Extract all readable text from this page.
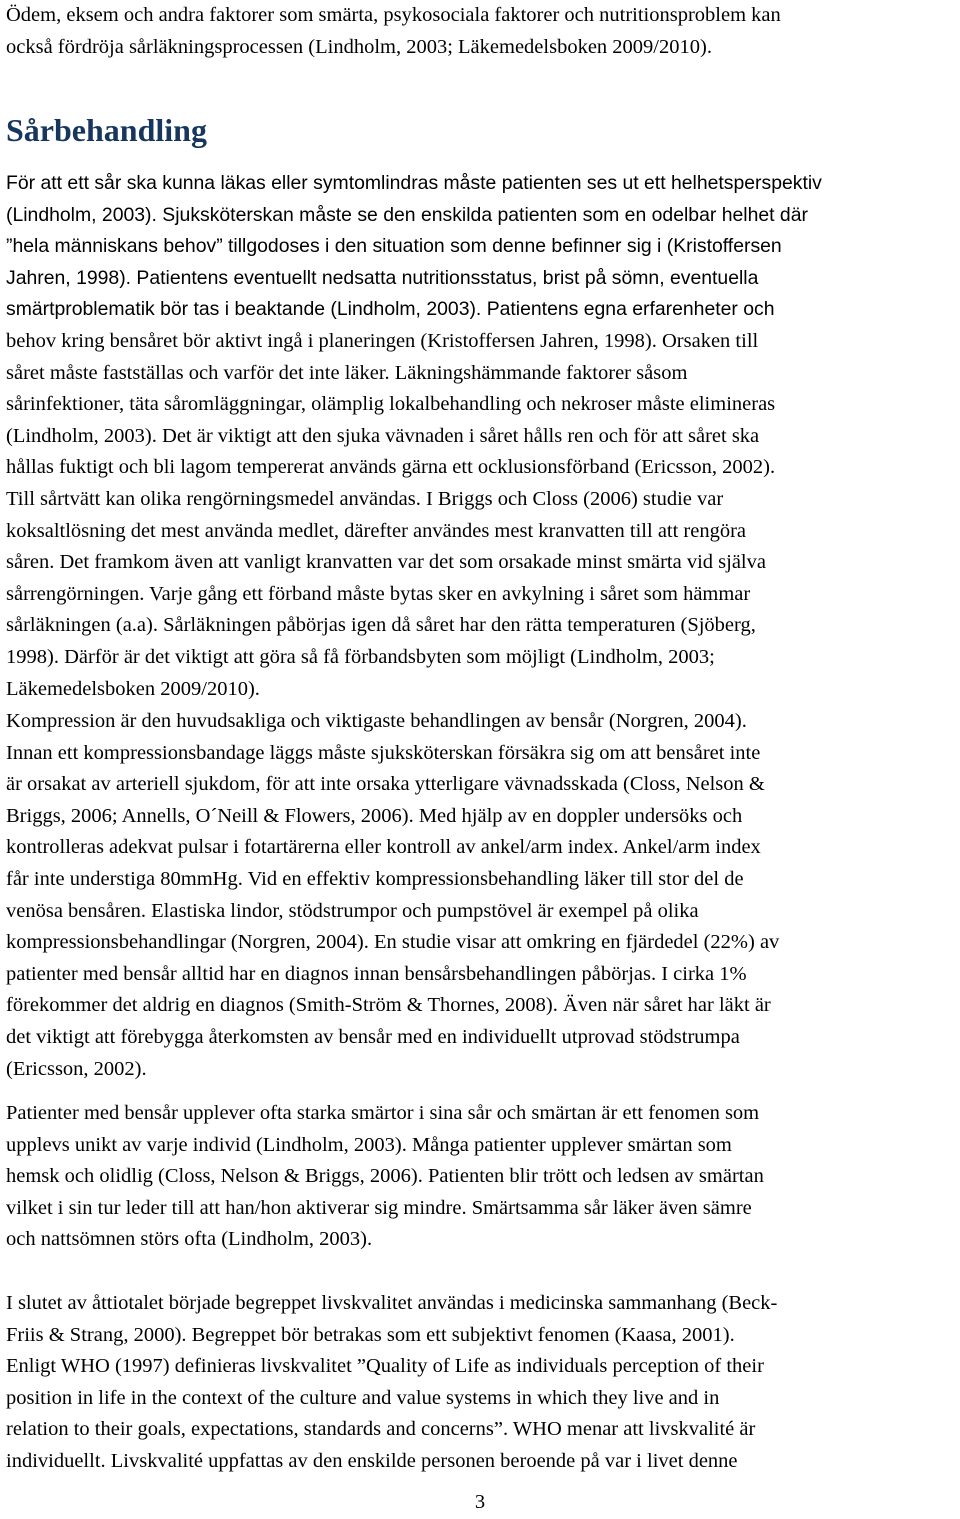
Ödem, eksem och andra faktorer som smärta, psykosociala faktorer och nutritionsproblem kan
också fördröja sårläkningsprocessen (Lindholm, 2003; Läkemedelsboken 2009/2010).
Sårbehandling
För att ett sår ska kunna läkas eller symtomlindras måste patienten ses ut ett helhetsperspektiv
(Lindholm, 2003). Sjuksköterskan måste se den enskilda patienten som en odelbar helhet där
”hela människans behov” tillgodoses i den situation som denne befinner sig i (Kristoffersen
Jahren, 1998). Patientens eventuellt nedsatta nutritionsstatus, brist på sömn, eventuella
smärtproblematik bör tas i beaktande (Lindholm, 2003). Patientens egna erfarenheter och
behov kring bensåret bör aktivt ingå i planeringen (Kristoffersen Jahren, 1998). Orsaken till
såret måste fastställas och varför det inte läker. Läkningshämmande faktorer såsom
sårinfektioner, täta såromläggningar, olämplig lokalbehandling och nekroser måste elimineras
(Lindholm, 2003). Det är viktigt att den sjuka vävnaden i såret hålls ren och för att såret ska
hållas fuktigt och bli lagom tempererat används gärna ett ocklusionsförband (Ericsson, 2002).
Till sårtvätt kan olika rengörningsmedel användas. I Briggs och Closs (2006) studie var
koksaltlösning det mest använda medlet, därefter användes mest kranvatten till att rengöra
såren. Det framkom även att vanligt kranvatten var det som orsakade minst smärta vid själva
sårrengörningen. Varje gång ett förband måste bytas sker en avkylning i såret som hämmar
sårläkningen (a.a). Sårläkningen påbörjas igen då såret har den rätta temperaturen (Sjöberg,
1998). Därför är det viktigt att göra så få förbandsbyten som möjligt (Lindholm, 2003;
Läkemedelsboken 2009/2010).
Kompression är den huvudsakliga och viktigaste behandlingen av bensår (Norgren, 2004).
Innan ett kompressionsbandage läggs måste sjuksköterskan försäkra sig om att bensåret inte
är orsakat av arteriell sjukdom, för att inte orsaka ytterligare vävnadsskada (Closs, Nelson &
Briggs, 2006; Annells, O´Neill & Flowers, 2006). Med hjälp av en doppler undersöks och
kontrolleras adekvat pulsar i fotartärerna eller kontroll av ankel/arm index. Ankel/arm index
får inte understiga 80mmHg. Vid en effektiv kompressionsbehandling läker till stor del de
venösa bensåren. Elastiska lindor, stödstrumpor och pumpstövel är exempel på olika
kompressionsbehandlingar (Norgren, 2004). En studie visar att omkring en fjärdedel (22%) av
patienter med bensår alltid har en diagnos innan bensårsbehandlingen påbörjas. I cirka 1%
förekommer det aldrig en diagnos (Smith-Ström & Thornes, 2008). Även när såret har läkt är
det viktigt att förebygga återkomsten av bensår med en individuellt utprovad stödstrumpa
(Ericsson, 2002).
Patienter med bensår upplever ofta starka smärtor i sina sår och smärtan är ett fenomen som
upplevs unikt av varje individ (Lindholm, 2003). Många patienter upplever smärtan som
hemsk och olidlig (Closs, Nelson & Briggs, 2006). Patienten blir trött och ledsen av smärtan
vilket i sin tur leder till att han/hon aktiverar sig mindre. Smärtsamma sår läker även sämre
och nattsömnen störs ofta (Lindholm, 2003).
I slutet av åttiotalet började begreppet livskvalitet användas i medicinska sammanhang (Beck-
Friis & Strang, 2000). Begreppet bör betrakas som ett subjektivt fenomen (Kaasa, 2001).
Enligt WHO (1997) definieras livskvalitet ”Quality of Life as individuals perception of their
position in life in the context of the culture and value systems in which they live and in
relation to their goals, expectations, standards and concerns”. WHO menar att livskvalité är
individuellt. Livskvalité uppfattas av den enskilde personen beroende på var i livet denne
3
